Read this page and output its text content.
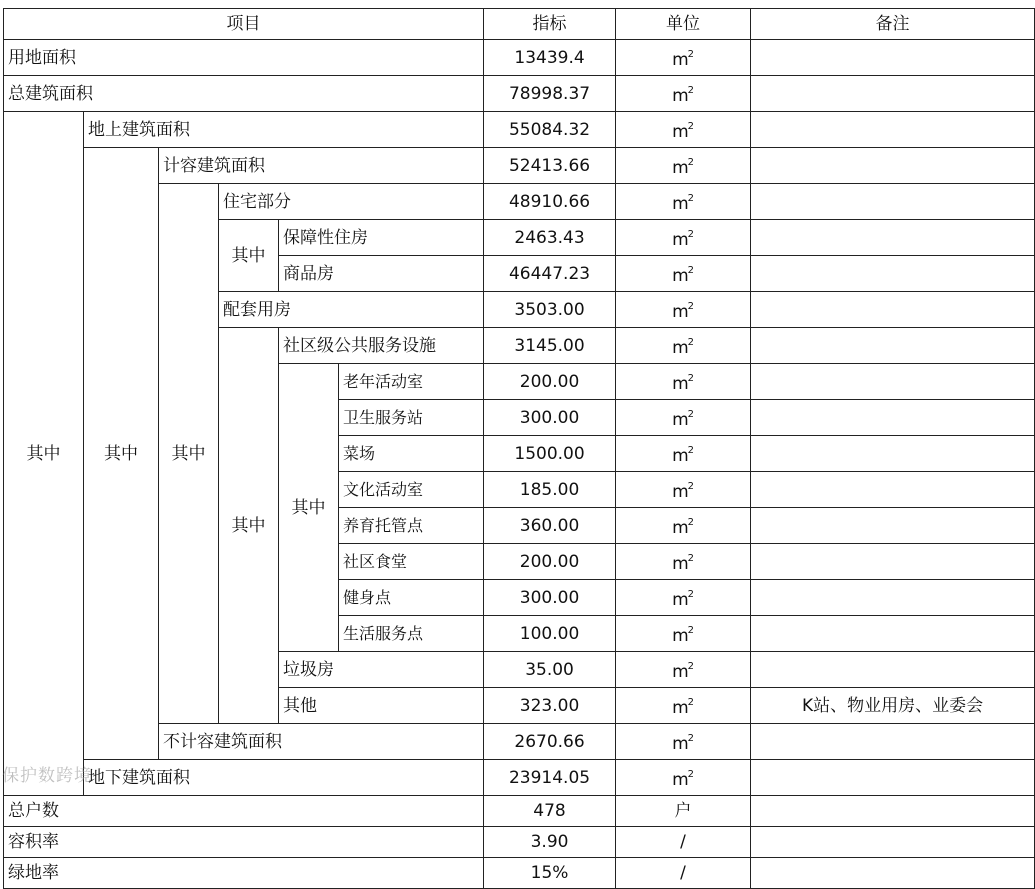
项目						指标	单位	备注
用地面积						13439.4	$m^2$	
总建筑面积						78998.37	$m^2$	
其中	地上建筑面积					55084.32	$m^2$	
	其中	计容建筑面积				52413.66	$m^2$	
		其中	住宅部分			48910.66	$m^2$	
			其中	保障性住房		2463.43	$m^2$	
				商品房		46447.23	$m^2$	
			配套用房			3503.00	$m^2$	
			其中	社区级公共服务设施		3145.00	$m^2$	
				其中	老年活动室	200.00	$m^2$	
					卫生服务站	300.00	$m^2$	
					菜场	1500.00	$m^2$	
					文化活动室	185.00	$m^2$	
					养育托管点	360.00	$m^2$	
					社区食堂	200.00	$m^2$	
					健身点	300.00	$m^2$	
					生活服务点	100.00	$m^2$	
				垃圾房		35.00	$m^2$	
				其他		323.00	$m^2$	K站、物业用房、业委会
		不计容建筑面积				2670.66	$m^2$	
	地下建筑面积					23914.05	$m^2$	
总户数						478	户	
容积率						3.90	/	
绿地率						15%	/	
保护数跨境
